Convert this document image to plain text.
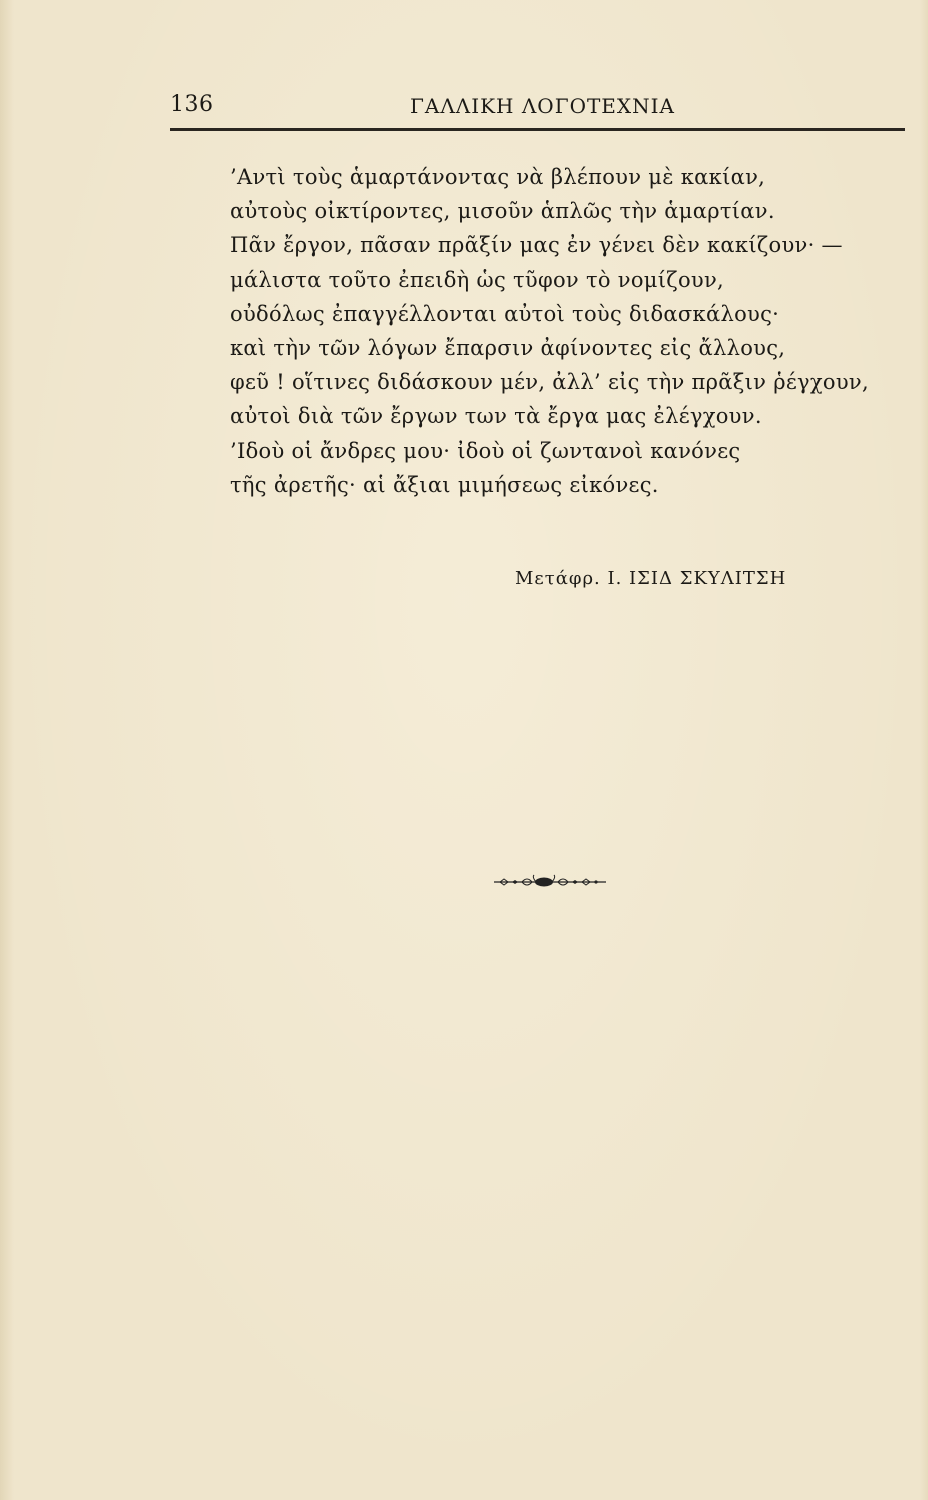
136	ΓΑΛΛΙΚΗ ΛΟΓΟΤΕΧΝΙΑ
’Αντὶ τοὺς ἁμαρτάνοντας νὰ βλέπουν μὲ κακίαν,
αὐτοὺς οἰκτίροντες, μισοῦν ἁπλῶς τὴν ἁμαρτίαν.
Πᾶν ἔργον, πᾶσαν πρᾶξίν μας ἐν γένει δὲν κακίζουν· —
μάλιστα τοῦτο ἐπειδὴ ὡς τῦφον τὸ νομίζουν,
οὐδόλως ἐπαγγέλλονται αὐτοὶ τοὺς διδασκάλους·
καὶ τὴν τῶν λόγων ἔπαρσιν ἀφίνοντες εἰς ἄλλους,
φεῦ ! οἵτινες διδάσκουν μέν, ἀλλ’ εἰς τὴν πρᾶξιν ῥέγχουν,
αὐτοὶ διὰ τῶν ἔργων των τὰ ἔργα μας ἐλέγχουν.
’Ιδοὺ οἱ ἄνδρες μου· ἰδοὺ οἱ ζωντανοὶ κανόνες
τῆς ἀρετῆς· αἱ ἄξιαι μιμήσεως εἰκόνες.
Μετάφρ. Ι. ΙΣΙΔ ΣΚΥΛΙΤΣΗ
